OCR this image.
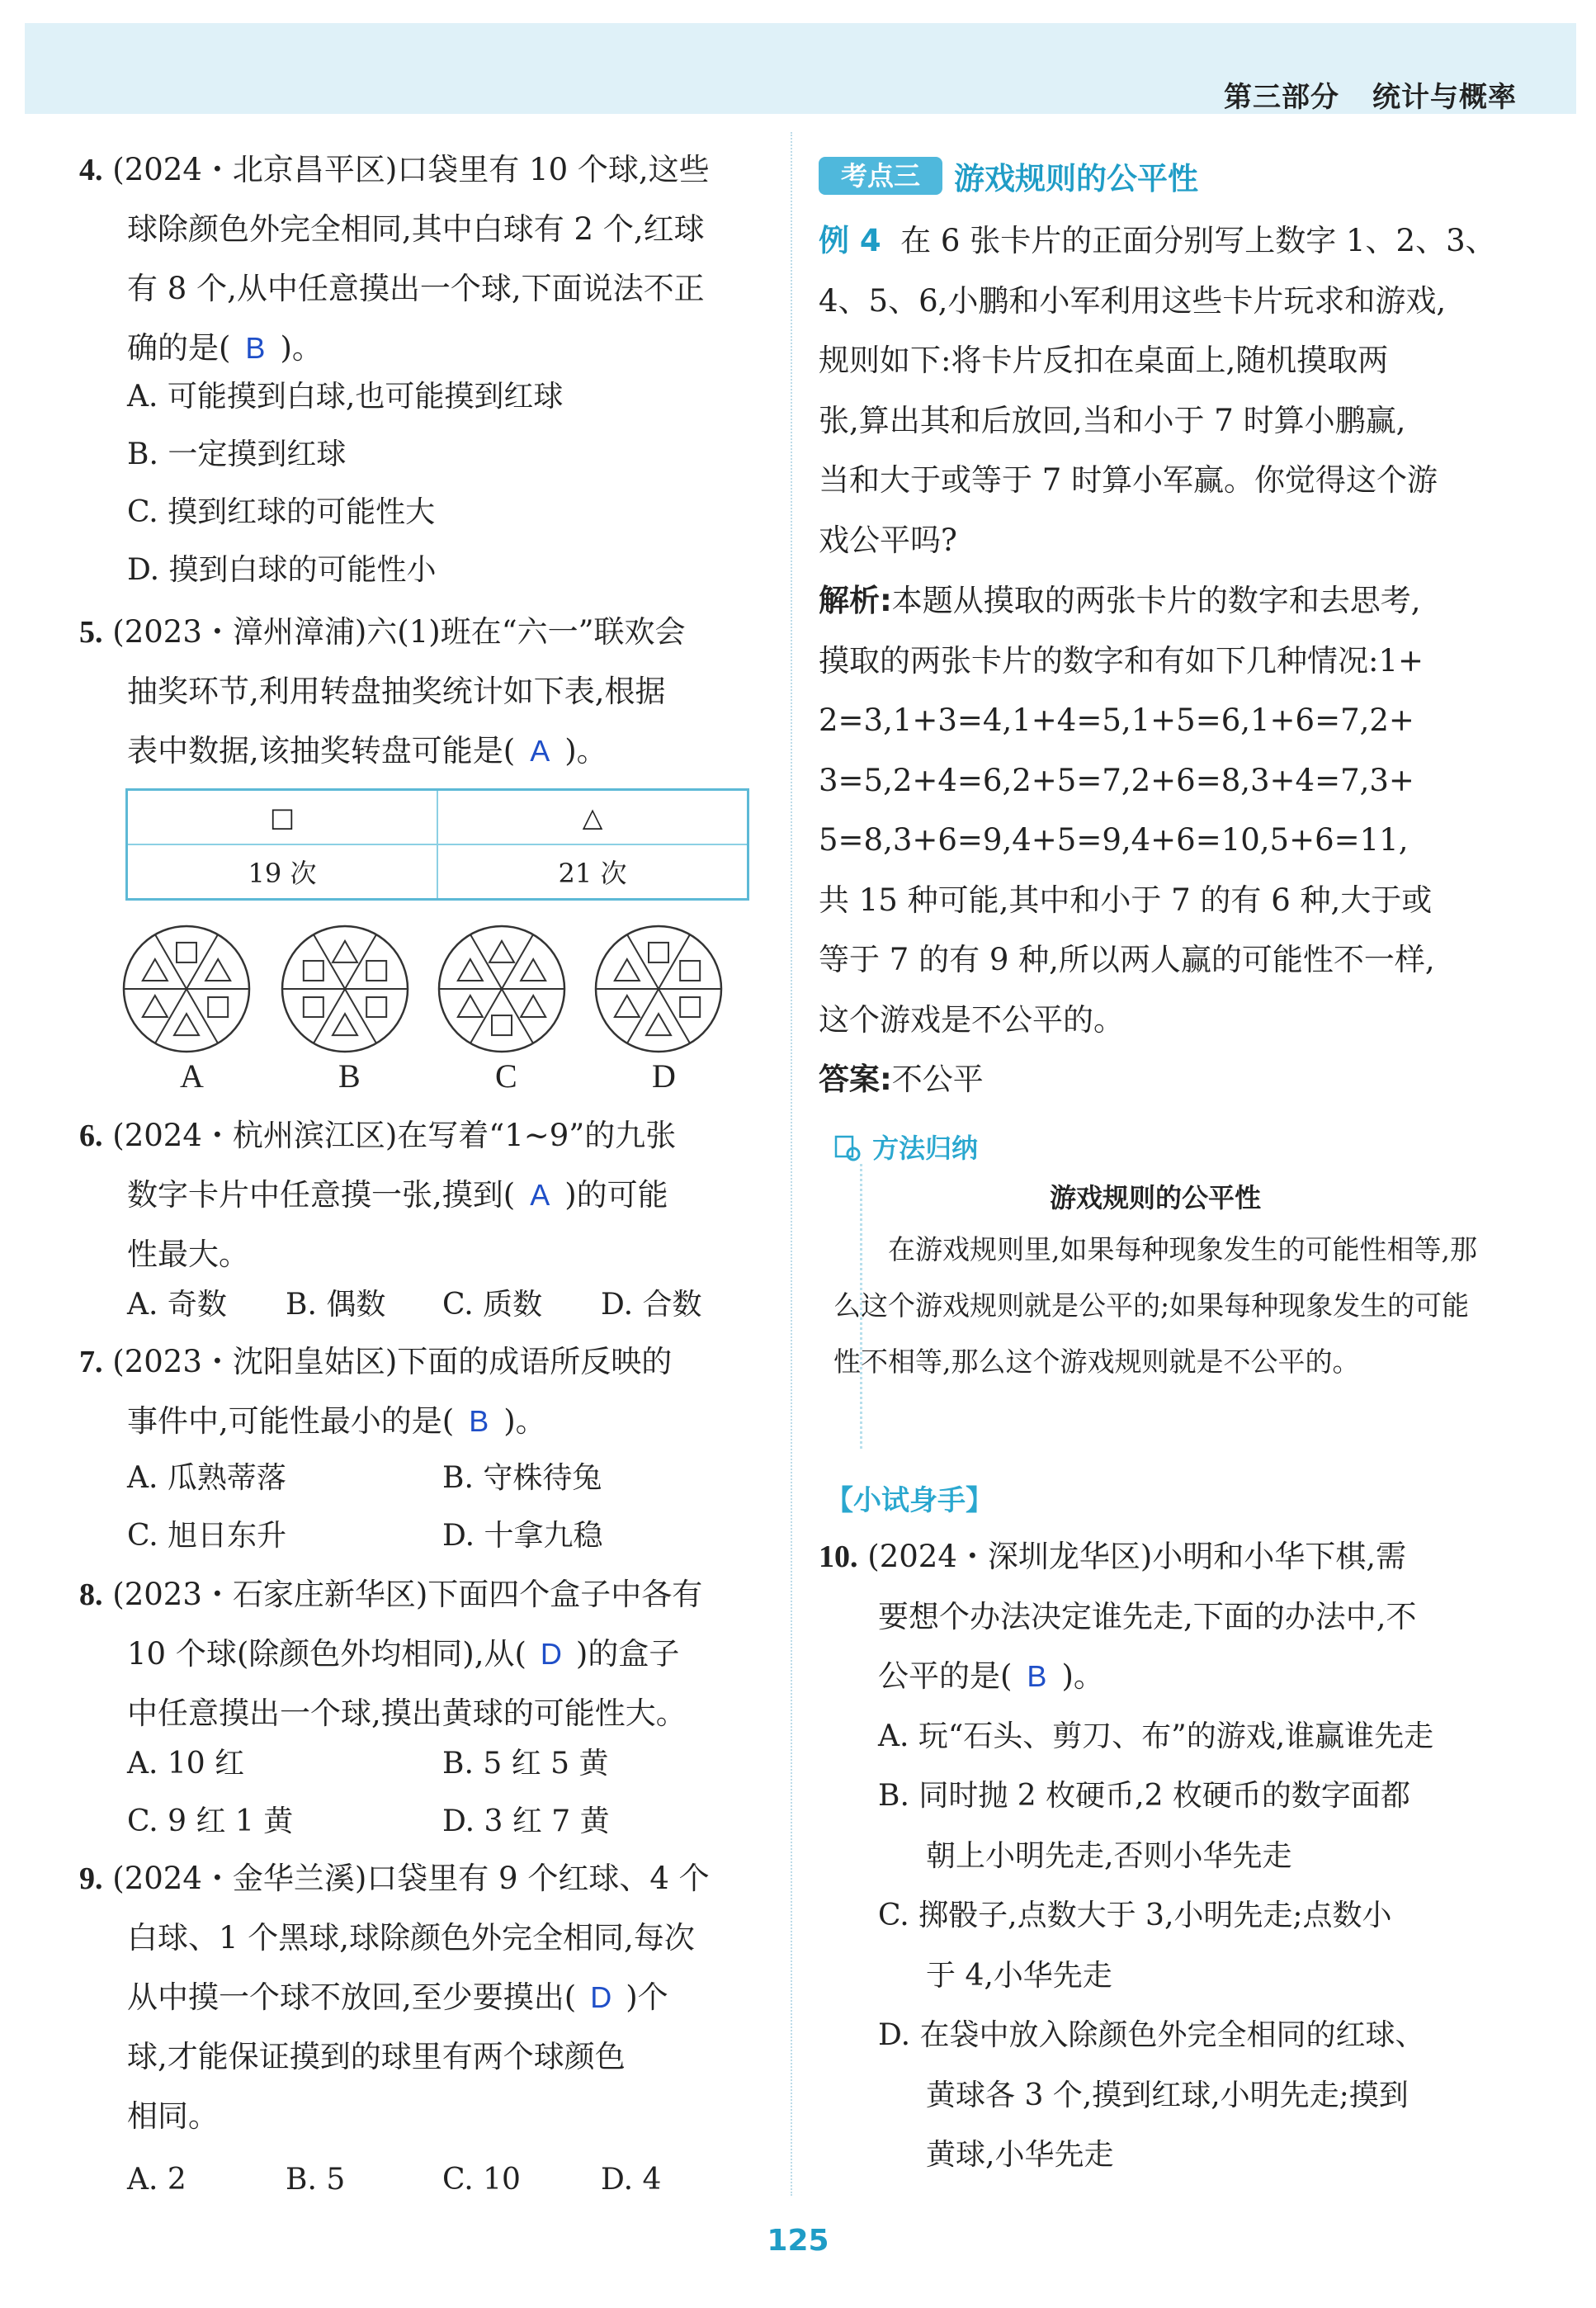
第三部分 统计与概率
4. (2024・北京昌平区)口袋里有 10 个球,这些
球除颜色外完全相同,其中白球有 2 个,红球
有 8 个,从中任意摸出一个球,下面说法不正
确的是( B )。
A. 可能摸到白球,也可能摸到红球
B. 一定摸到红球
C. 摸到红球的可能性大
D. 摸到白球的可能性小
5. (2023・漳州漳浦)六(1)班在“六一”联欢会
抽奖环节,利用转盘抽奖统计如下表,根据
表中数据,该抽奖转盘可能是( A )。
□	△
19 次	21 次
A	B	C	D
6. (2024・杭州滨江区)在写着“1~9”的九张
数字卡片中任意摸一张,摸到( A )的可能
性最大。
A. 奇数 B. 偶数 C. 质数 D. 合数
7. (2023・沈阳皇姑区)下面的成语所反映的
事件中,可能性最小的是( B )。
A. 瓜熟蒂落	B. 守株待兔
C. 旭日东升	D. 十拿九稳
8. (2023・石家庄新华区)下面四个盒子中各有
10 个球(除颜色外均相同),从( D )的盒子
中任意摸出一个球,摸出黄球的可能性大。
A. 10 红	B. 5 红 5 黄
C. 9 红 1 黄	D. 3 红 7 黄
9. (2024・金华兰溪)口袋里有 9 个红球、4 个
白球、1 个黑球,球除颜色外完全相同,每次
从中摸一个球不放回,至少要摸出( D )个
球,才能保证摸到的球里有两个球颜色
相同。
A. 2	B. 5	C. 10	D. 4
考点三	游戏规则的公平性
例 4 在 6 张卡片的正面分别写上数字 1、2、3、
4、5、6,小鹏和小军利用这些卡片玩求和游戏,
规则如下:将卡片反扣在桌面上,随机摸取两
张,算出其和后放回,当和小于 7 时算小鹏赢,
当和大于或等于 7 时算小军赢。你觉得这个游
戏公平吗?
解析:本题从摸取的两张卡片的数字和去思考,
摸取的两张卡片的数字和有如下几种情况:1+
2=3,1+3=4,1+4=5,1+5=6,1+6=7,2+
3=5,2+4=6,2+5=7,2+6=8,3+4=7,3+
5=8,3+6=9,4+5=9,4+6=10,5+6=11,
共 15 种可能,其中和小于 7 的有 6 种,大于或
等于 7 的有 9 种,所以两人赢的可能性不一样,
这个游戏是不公平的。
答案:不公平
方法归纳
游戏规则的公平性
在游戏规则里,如果每种现象发生的可能性相等,那么这个游戏规则就是公平的;如果每种现象发生的可能性不相等,那么这个游戏规则就是不公平的。
【小试身手】
10. (2024・深圳龙华区)小明和小华下棋,需
要想个办法决定谁先走,下面的办法中,不
公平的是( B )。
A. 玩“石头、剪刀、布”的游戏,谁赢谁先走
B. 同时抛 2 枚硬币,2 枚硬币的数字面都
朝上小明先走,否则小华先走
C. 掷骰子,点数大于 3,小明先走;点数小
于 4,小华先走
D. 在袋中放入除颜色外完全相同的红球、
黄球各 3 个,摸到红球,小明先走;摸到
黄球,小华先走
125
